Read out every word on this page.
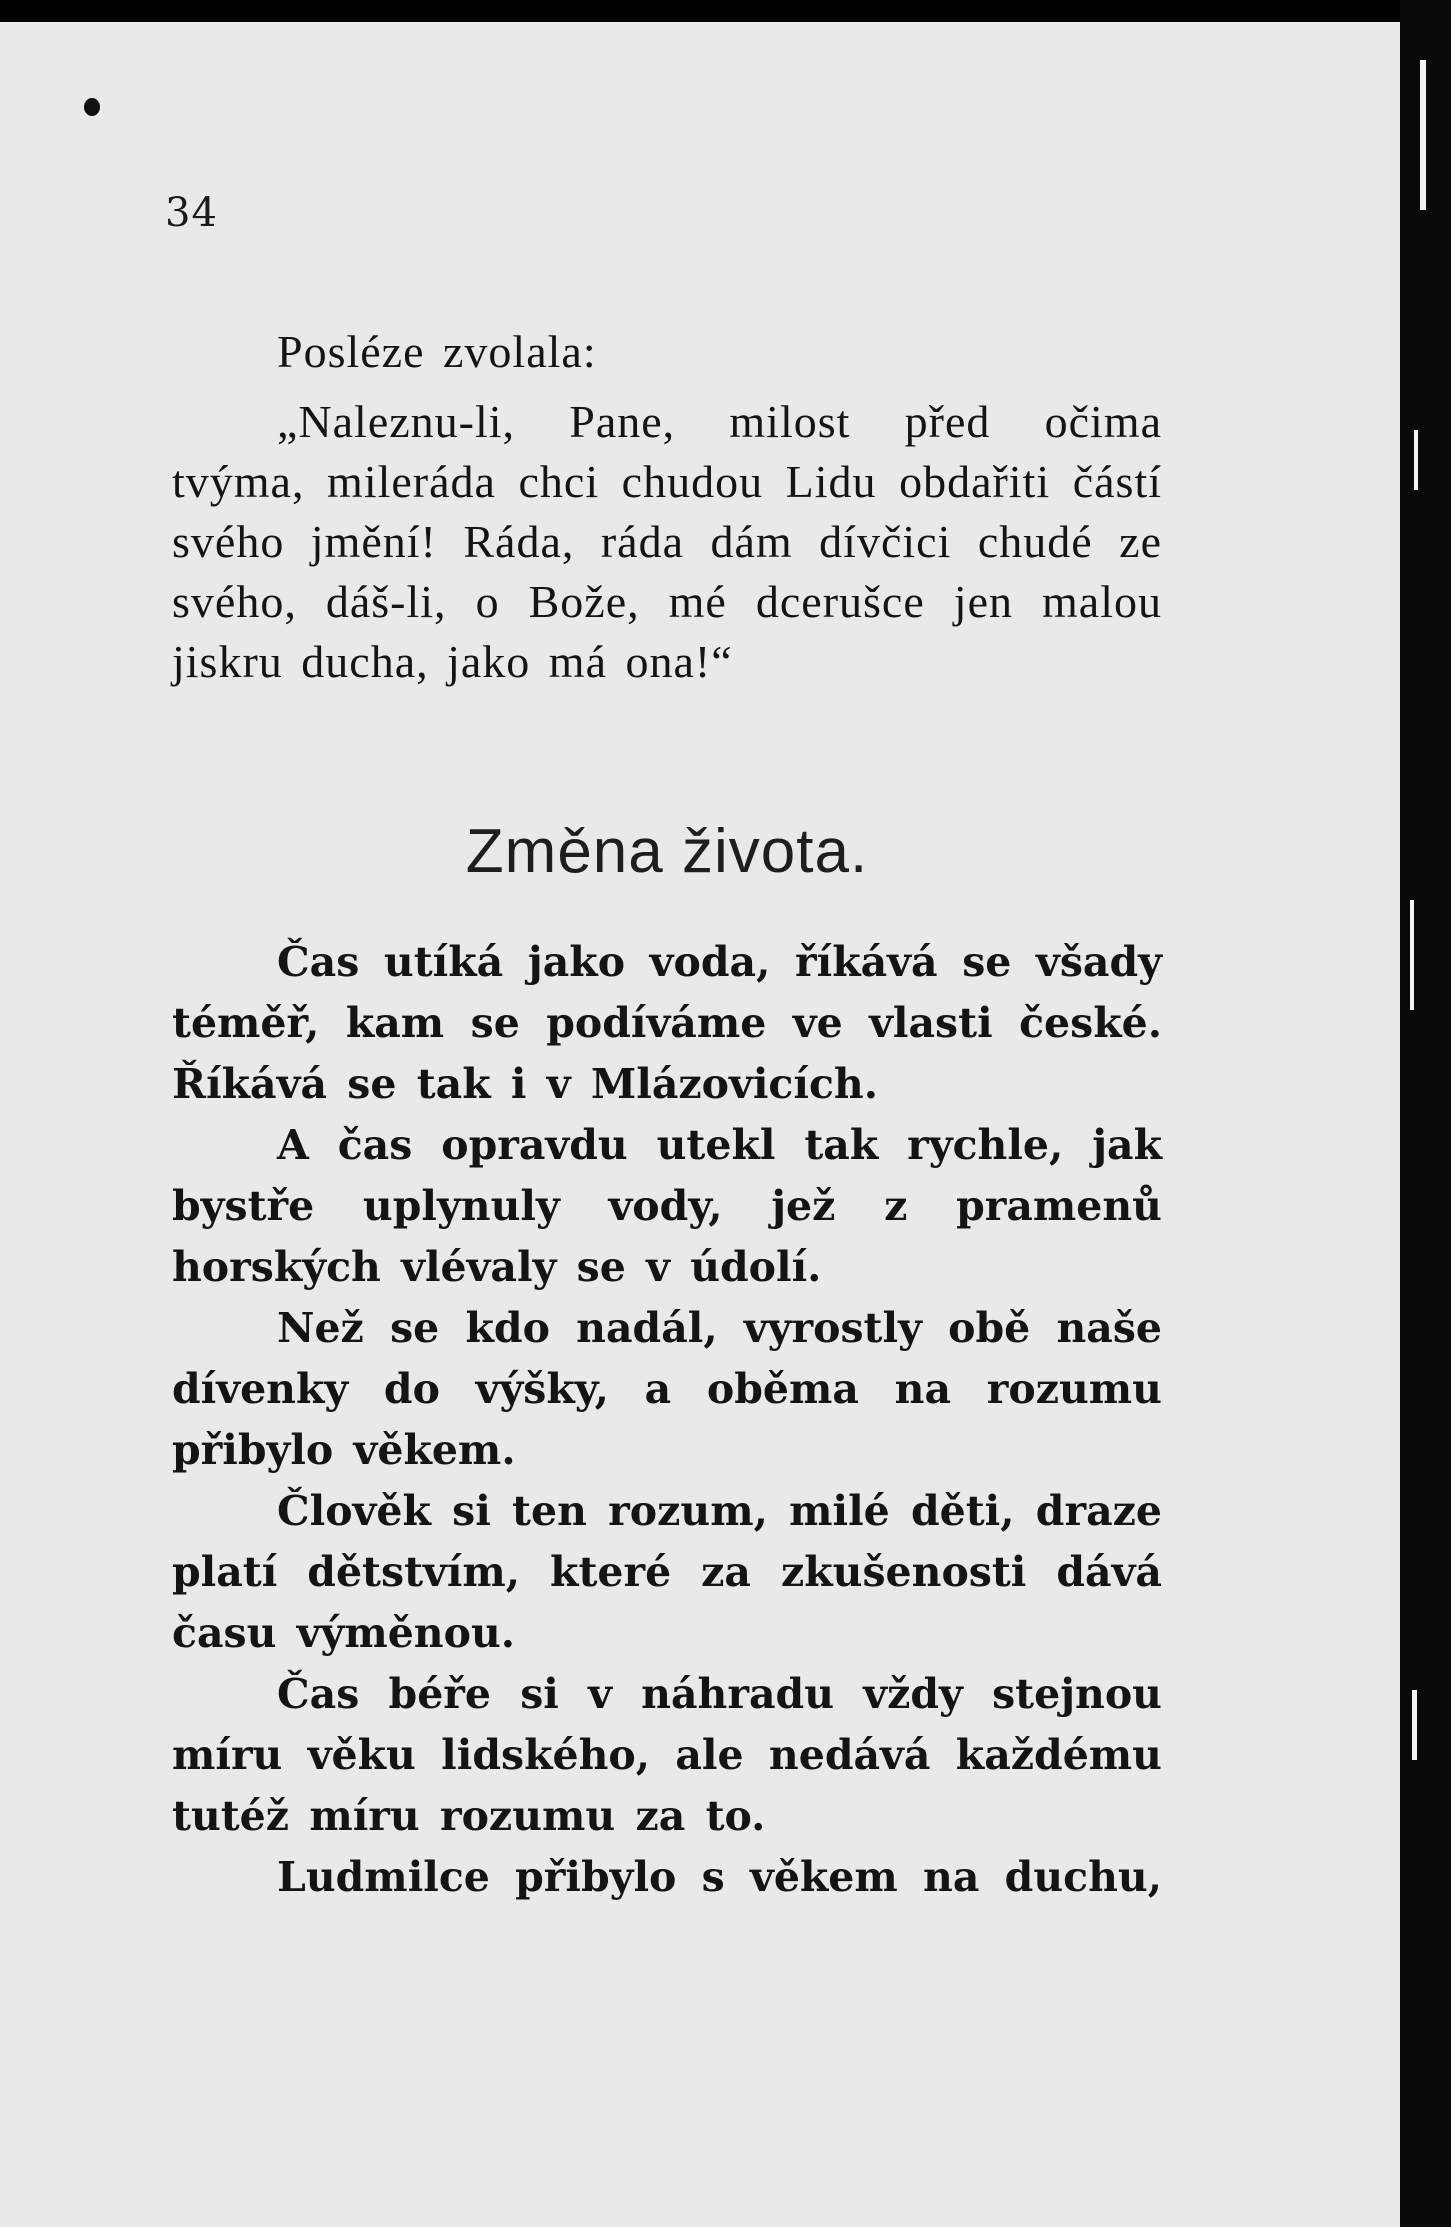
34

Posléze zvolala:

„Naleznu-li, Pane, milost před očima tvýma, mileráda chci chudou Lidu obdařiti částí svého jmění! Ráda, ráda dám dívčici chudé ze svého, dáš-li, o Bože, mé dcerušce jen malou jiskru ducha, jako má ona!“

Změna života.

Čas utíká jako voda, říkává se všady téměř, kam se podíváme ve vlasti české. Říkává se tak i v Mlázovicích.

A čas opravdu utekl tak rychle, jak bystře uplynuly vody, jež z pramenů horských vlévaly se v údolí.

Než se kdo nadál, vyrostly obě naše dívenky do výšky, a oběma na rozumu přibylo věkem.

Člověk si ten rozum, milé děti, draze platí dětstvím, které za zkušenosti dává času výměnou.

Čas béře si v náhradu vždy stejnou míru věku lidského, ale nedává každému tutéž míru rozumu za to.

Ludmilce přibylo s věkem na duchu,
